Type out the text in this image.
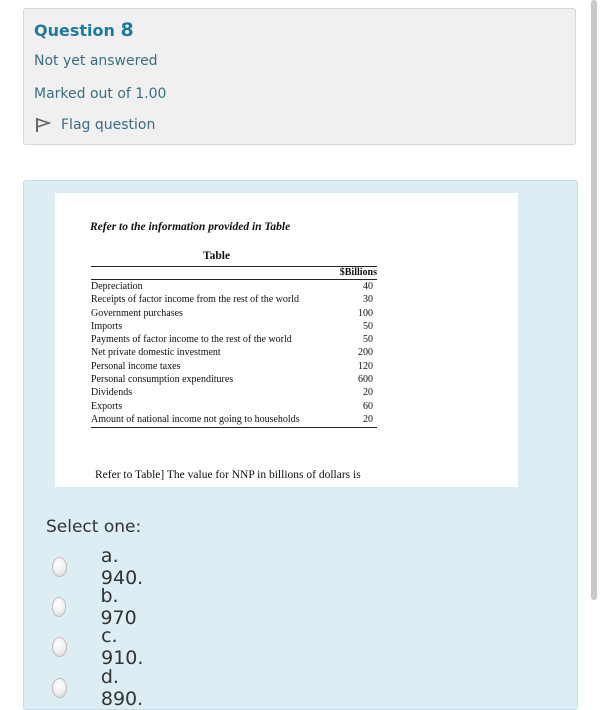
Question 8
Not yet answered
Marked out of 1.00
Flag question
Refer to the information provided in Table
Table
$Billions
Depreciation	40
Receipts of factor income from the rest of the world	30
Government purchases	100
Imports	50
Payments of factor income to the rest of the world	50
Net private domestic investment	200
Personal income taxes	120
Personal consumption expenditures	600
Dividends	20
Exports	60
Amount of national income not going to households	20
Refer to Table] The value for NNP in billions of dollars is
Select one:
a. 940.
b. 970
c. 910.
d. 890.
